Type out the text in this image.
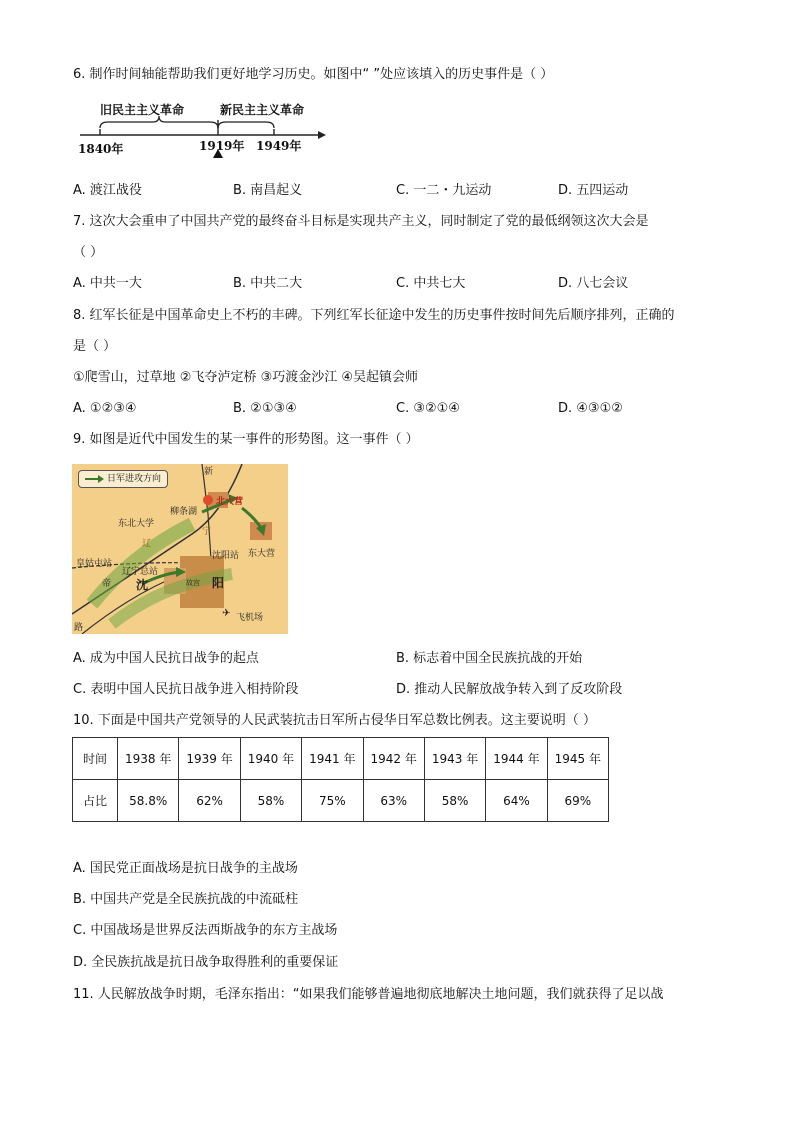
6. 制作时间轴能帮助我们更好地学习历史。如图中“ ”处应该填入的历史事件是（ ）
旧民主主义革命	新民主主义革命
1840年	1919年 1949年
A. 渡江战役	B. 南昌起义	C. 一二・九运动	D. 五四运动
7. 这次大会重申了中国共产党的最终奋斗目标是实现共产主义，同时制定了党的最低纲领这次大会是
（ ）
A. 中共一大	B. 中共二大	C. 中共七大	D. 八七会议
8. 红军长征是中国革命史上不朽的丰碑。下列红军长征途中发生的历史事件按时间先后顺序排列，正确的
是（ ）
①爬雪山，过草地 ②飞夺泸定桥 ③巧渡金沙江 ④吴起镇会师
A. ①②③④	B. ②①③④	C. ③②①④	D. ④③①②
9. 如图是近代中国发生的某一事件的形势图。这一事件（ ）
✈
日军进攻方向
北大营
柳条湖
东北大学
沈阳站 东大营
皇姑屯站
辽宁总站
故宫
飞机场
沈	阳
新
辽
宁
帝
路
A. 成为中国人民抗日战争的起点	B. 标志着中国全民族抗战的开始
C. 表明中国人民抗日战争进入相持阶段	D. 推动人民解放战争转入到了反攻阶段
10. 下面是中国共产党领导的人民武装抗击日军所占侵华日军总数比例表。这主要说明（ ）
时间	1938 年	1939 年	1940 年	1941 年	1942 年	1943 年	1944 年	1945 年
占比	58.8%	62%	58%	75%	63%	58%	64%	69%
A. 国民党正面战场是抗日战争的主战场
B. 中国共产党是全民族抗战的中流砥柱
C. 中国战场是世界反法西斯战争的东方主战场
D. 全民族抗战是抗日战争取得胜利的重要保证
11. 人民解放战争时期，毛泽东指出：“如果我们能够普遍地彻底地解决土地问题，我们就获得了足以战
